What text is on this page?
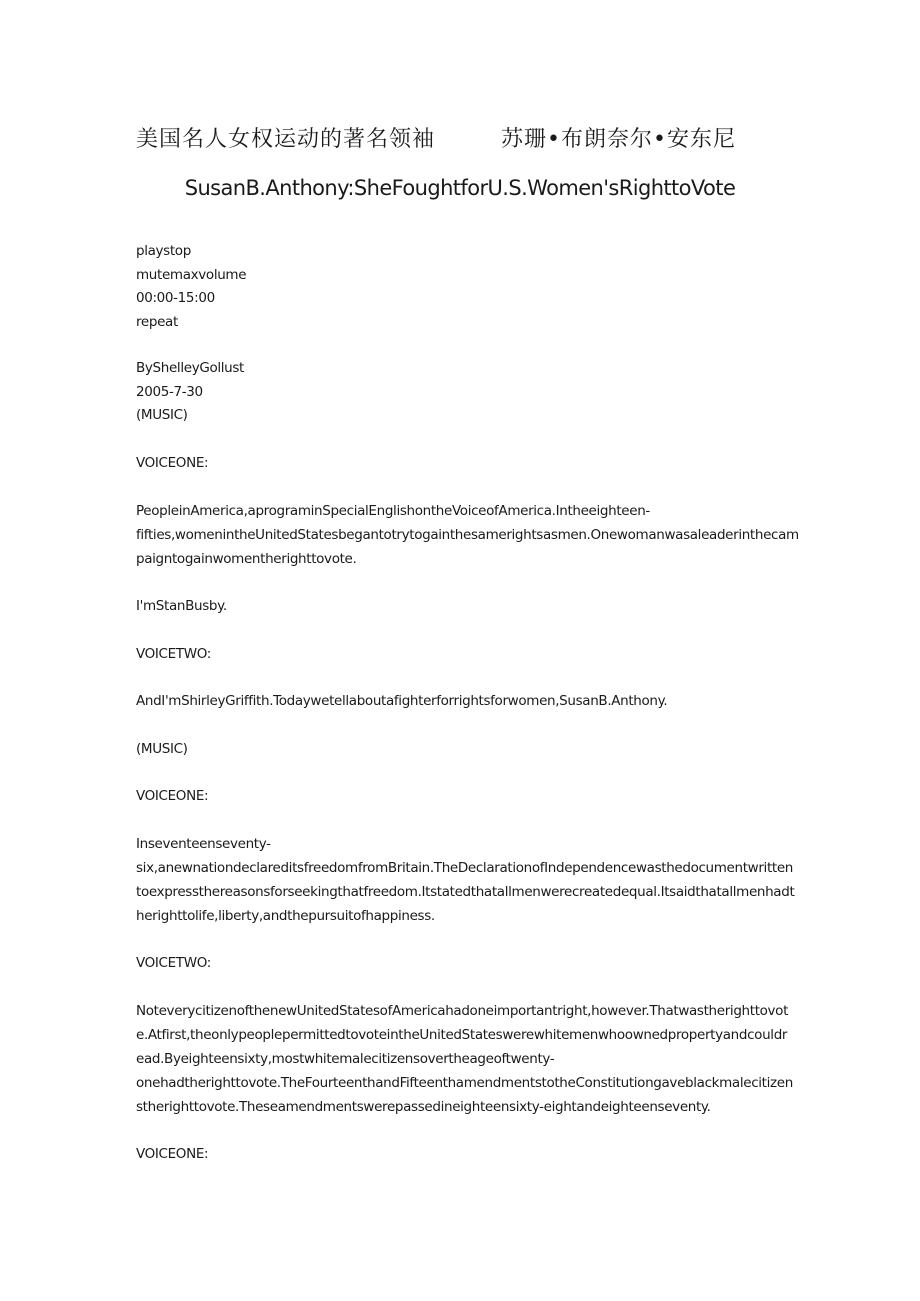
美国名人女权运动的著名领袖	苏珊•布朗奈尔•安东尼
SusanB.Anthony:SheFoughtforU.S.Women'sRighttoVote
playstop
mutemaxvolume
00:00-15:00
repeat
ByShelleyGollust
2005-7-30
(MUSIC)
VOICEONE:
PeopleinAmerica,aprograminSpecialEnglishontheVoiceofAmerica.Intheeighteen-
fifties,womenintheUnitedStatesbegantotrytogainthesamerightsasmen.Onewomanwasaleaderinthecam
paigntogainwomentherighttovote.
I'mStanBusby.
VOICETWO:
AndI'mShirleyGriffith.Todaywetellaboutafighterforrightsforwomen,SusanB.Anthony.
(MUSIC)
VOICEONE:
Inseventeenseventy-
six,anewnationdeclareditsfreedomfromBritain.TheDeclarationofIndependencewasthedocumentwritten
toexpressthereasonsforseekingthatfreedom.Itstatedthatallmenwerecreatedequal.Itsaidthatallmenhadt
herighttolife,liberty,andthepursuitofhappiness.
VOICETWO:
NoteverycitizenofthenewUnitedStatesofAmericahadoneimportantright,however.Thatwastherighttovot
e.Atfirst,theonlypeoplepermittedtovoteintheUnitedStateswerewhitemenwhoownedpropertyandcouldr
ead.Byeighteensixty,mostwhitemalecitizensovertheageoftwenty-
onehadtherighttovote.TheFourteenthandFifteenthamendmentstotheConstitutiongaveblackmalecitizen
stherighttovote.Theseamendmentswerepassedineighteensixty-eightandeighteenseventy.
VOICEONE:
